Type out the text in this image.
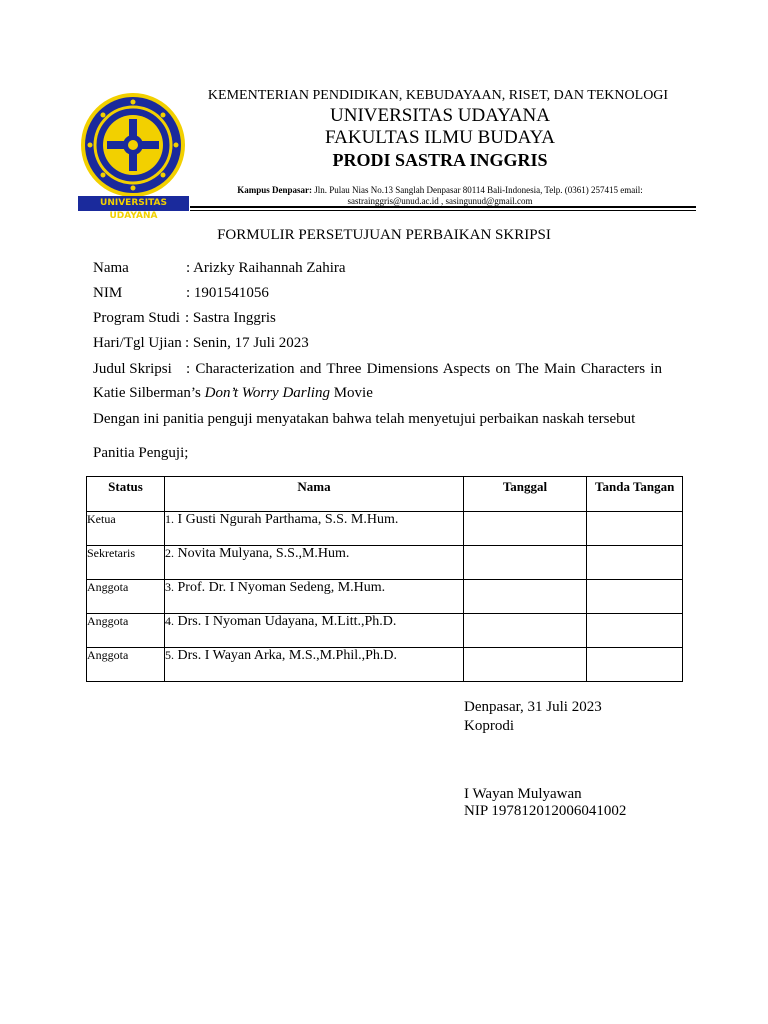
UNIVERSITAS UDAYANA
KEMENTERIAN PENDIDIKAN, KEBUDAYAAN, RISET, DAN TEKNOLOGI
UNIVERSITAS UDAYANA
FAKULTAS ILMU BUDAYA
PRODI SASTRA INGGRIS
Kampus Denpasar: Jln. Pulau Nias No.13 Sanglah Denpasar 80114 Bali-Indonesia, Telp. (0361) 257415 email:
sastrainggris@unud.ac.id , sasingunud@gmail.com
FORMULIR PERSETUJUAN PERBAIKAN SKRIPSI
Nama	: Arizky Raihannah Zahira
NIM	: 1901541056
Program Studi : Sastra Inggris
Hari/Tgl Ujian : Senin, 17 Juli 2023
Judul Skripsi : Characterization and Three Dimensions Aspects on The Main Characters in
Katie Silberman’s Don’t Worry Darling Movie
Dengan ini panitia penguji menyatakan bahwa telah menyetujui perbaikan naskah tersebut
Panitia Penguji;
Status	Nama	Tanggal	Tanda Tangan
Ketua	1. I Gusti Ngurah Parthama, S.S. M.Hum.		
Sekretaris	2. Novita Mulyana, S.S.,M.Hum.		
Anggota	3. Prof. Dr. I Nyoman Sedeng, M.Hum.		
Anggota	4. Drs. I Nyoman Udayana, M.Litt.,Ph.D.		
Anggota	5. Drs. I Wayan Arka, M.S.,M.Phil.,Ph.D.		
Denpasar, 31 Juli 2023
Koprodi
I Wayan Mulyawan
NIP 197812012006041002
